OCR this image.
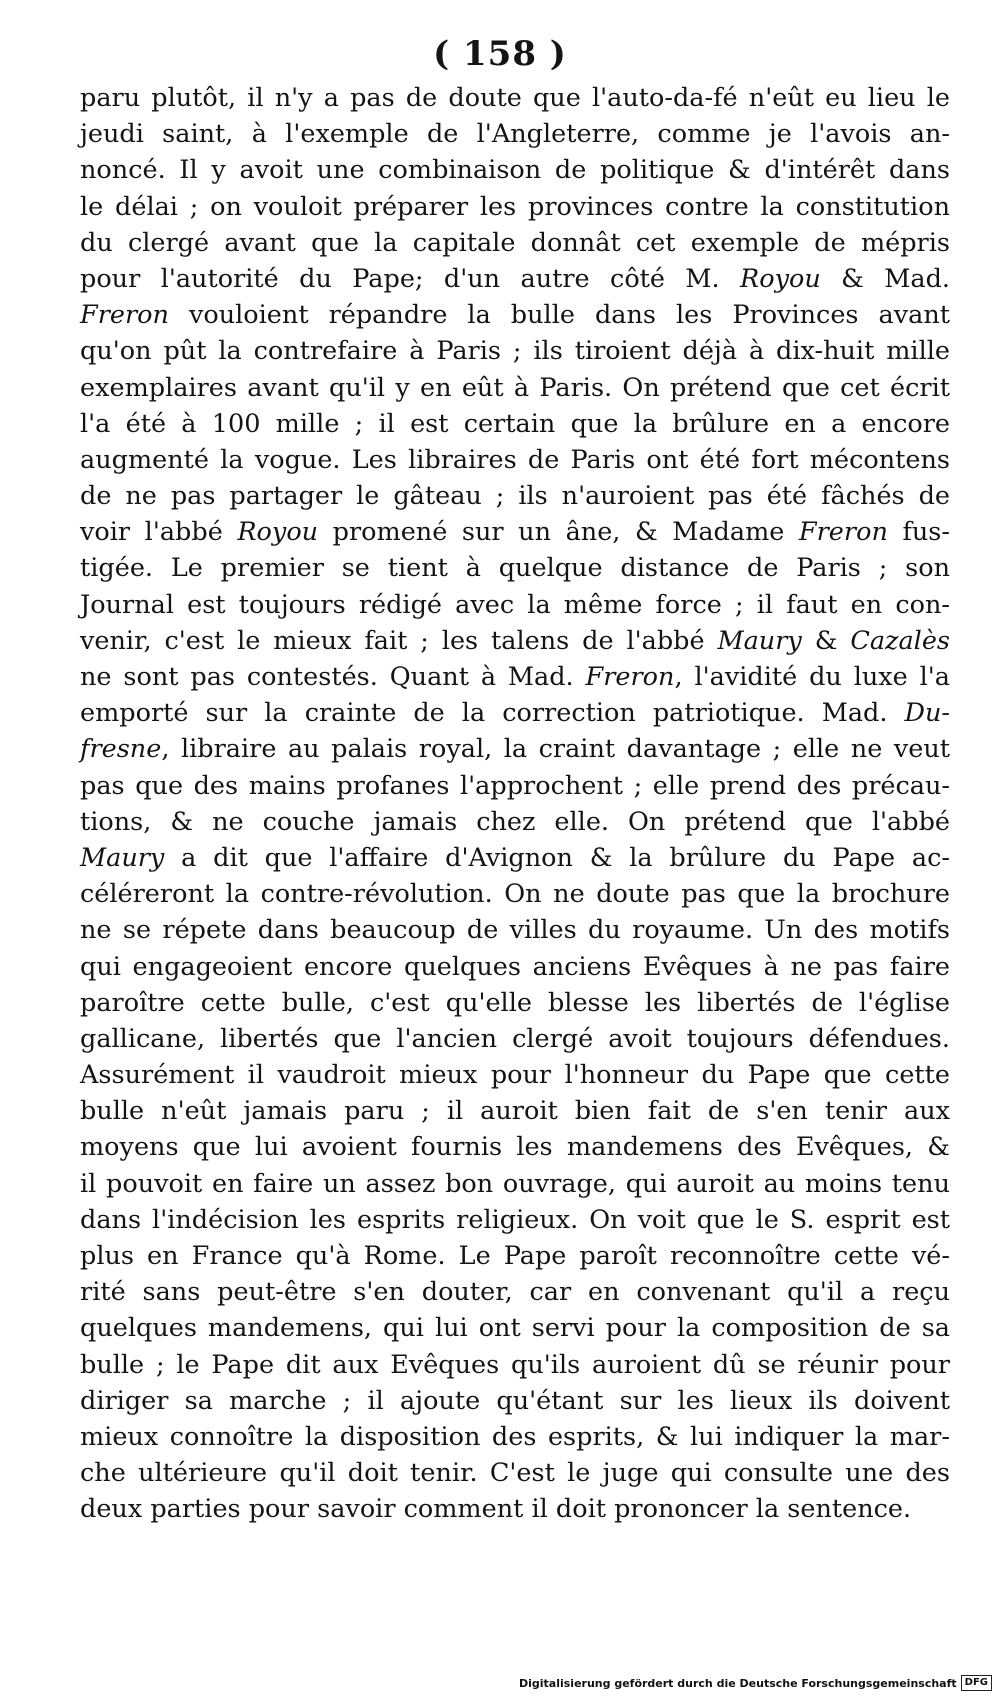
( 158 )
paru plutôt, il n'y a pas de doute que l'auto-da-fé n'eût eu lieu le
jeudi saint, à l'exemple de l'Angleterre, comme je l'avois an-
noncé. Il y avoit une combinaison de politique & d'intérêt dans
le délai ; on vouloit préparer les provinces contre la constitution
du clergé avant que la capitale donnât cet exemple de mépris
pour l'autorité du Pape; d'un autre côté M. Royou & Mad.
Freron vouloient répandre la bulle dans les Provinces avant
qu'on pût la contrefaire à Paris ; ils tiroient déjà à dix-huit mille
exemplaires avant qu'il y en eût à Paris. On prétend que cet écrit
l'a été à 100 mille ; il est certain que la brûlure en a encore
augmenté la vogue. Les libraires de Paris ont été fort mécontens
de ne pas partager le gâteau ; ils n'auroient pas été fâchés de
voir l'abbé Royou promené sur un âne, & Madame Freron fus-
tigée. Le premier se tient à quelque distance de Paris ; son
Journal est toujours rédigé avec la même force ; il faut en con-
venir, c'est le mieux fait ; les talens de l'abbé Maury & Cazalès
ne sont pas contestés. Quant à Mad. Freron, l'avidité du luxe l'a
emporté sur la crainte de la correction patriotique. Mad. Du-
fresne, libraire au palais royal, la craint davantage ; elle ne veut
pas que des mains profanes l'approchent ; elle prend des précau-
tions, & ne couche jamais chez elle. On prétend que l'abbé
Maury a dit que l'affaire d'Avignon & la brûlure du Pape ac-
céléreront la contre-révolution. On ne doute pas que la brochure
ne se répete dans beaucoup de villes du royaume. Un des motifs
qui engageoient encore quelques anciens Evêques à ne pas faire
paroître cette bulle, c'est qu'elle blesse les libertés de l'église
gallicane, libertés que l'ancien clergé avoit toujours défendues.
Assurément il vaudroit mieux pour l'honneur du Pape que cette
bulle n'eût jamais paru ; il auroit bien fait de s'en tenir aux
moyens que lui avoient fournis les mandemens des Evêques, &
il pouvoit en faire un assez bon ouvrage, qui auroit au moins tenu
dans l'indécision les esprits religieux. On voit que le S. esprit est
plus en France qu'à Rome. Le Pape paroît reconnoître cette vé-
rité sans peut-être s'en douter, car en convenant qu'il a reçu
quelques mandemens, qui lui ont servi pour la composition de sa
bulle ; le Pape dit aux Evêques qu'ils auroient dû se réunir pour
diriger sa marche ; il ajoute qu'étant sur les lieux ils doivent
mieux connoître la disposition des esprits, & lui indiquer la mar-
che ultérieure qu'il doit tenir. C'est le juge qui consulte une des
deux parties pour savoir comment il doit prononcer la sentence.
Digitalisierung gefördert durch die Deutsche Forschungsgemeinschaft DFG
